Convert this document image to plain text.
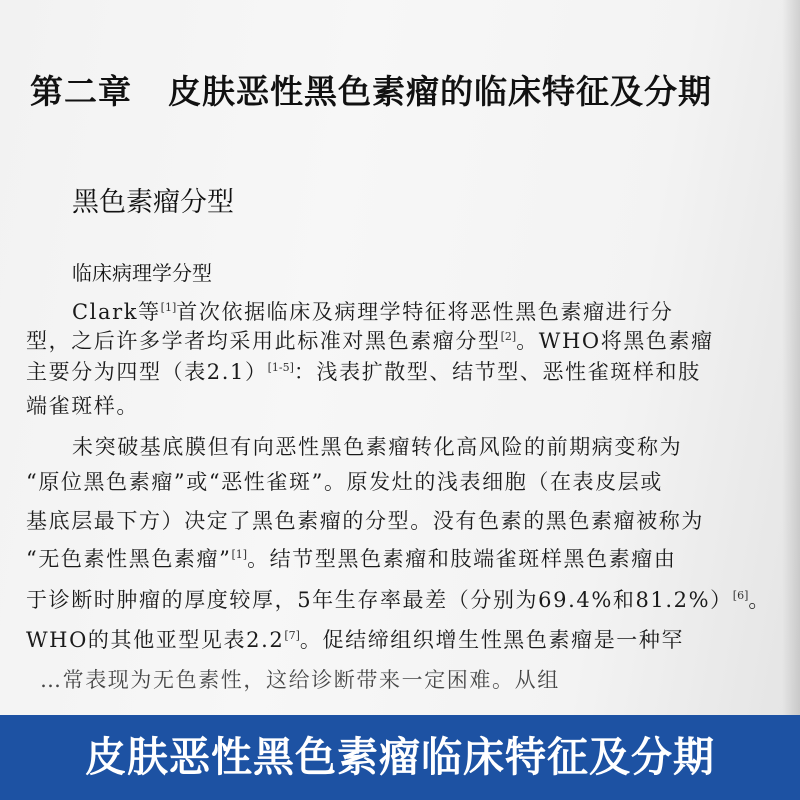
第二章 皮肤恶性黑色素瘤的临床特征及分期
黑色素瘤分型
临床病理学分型
Clark等[1]首次依据临床及病理学特征将恶性黑色素瘤进行分
型，之后许多学者均采用此标准对黑色素瘤分型[2]。WHO将黑色素瘤
主要分为四型（表2.1）[1-5]：浅表扩散型、结节型、恶性雀斑样和肢
端雀斑样。
未突破基底膜但有向恶性黑色素瘤转化高风险的前期病变称为
“原位黑色素瘤”或“恶性雀斑”。原发灶的浅表细胞（在表皮层或
基底层最下方）决定了黑色素瘤的分型。没有色素的黑色素瘤被称为
“无色素性黑色素瘤”[1]。结节型黑色素瘤和肢端雀斑样黑色素瘤由
于诊断时肿瘤的厚度较厚，5年生存率最差（分别为69.4%和81.2%）[6]。
WHO的其他亚型见表2.2[7]。促结缔组织增生性黑色素瘤是一种罕
…常表现为无色素性，这给诊断带来一定困难。从组
皮肤恶性黑色素瘤临床特征及分期
